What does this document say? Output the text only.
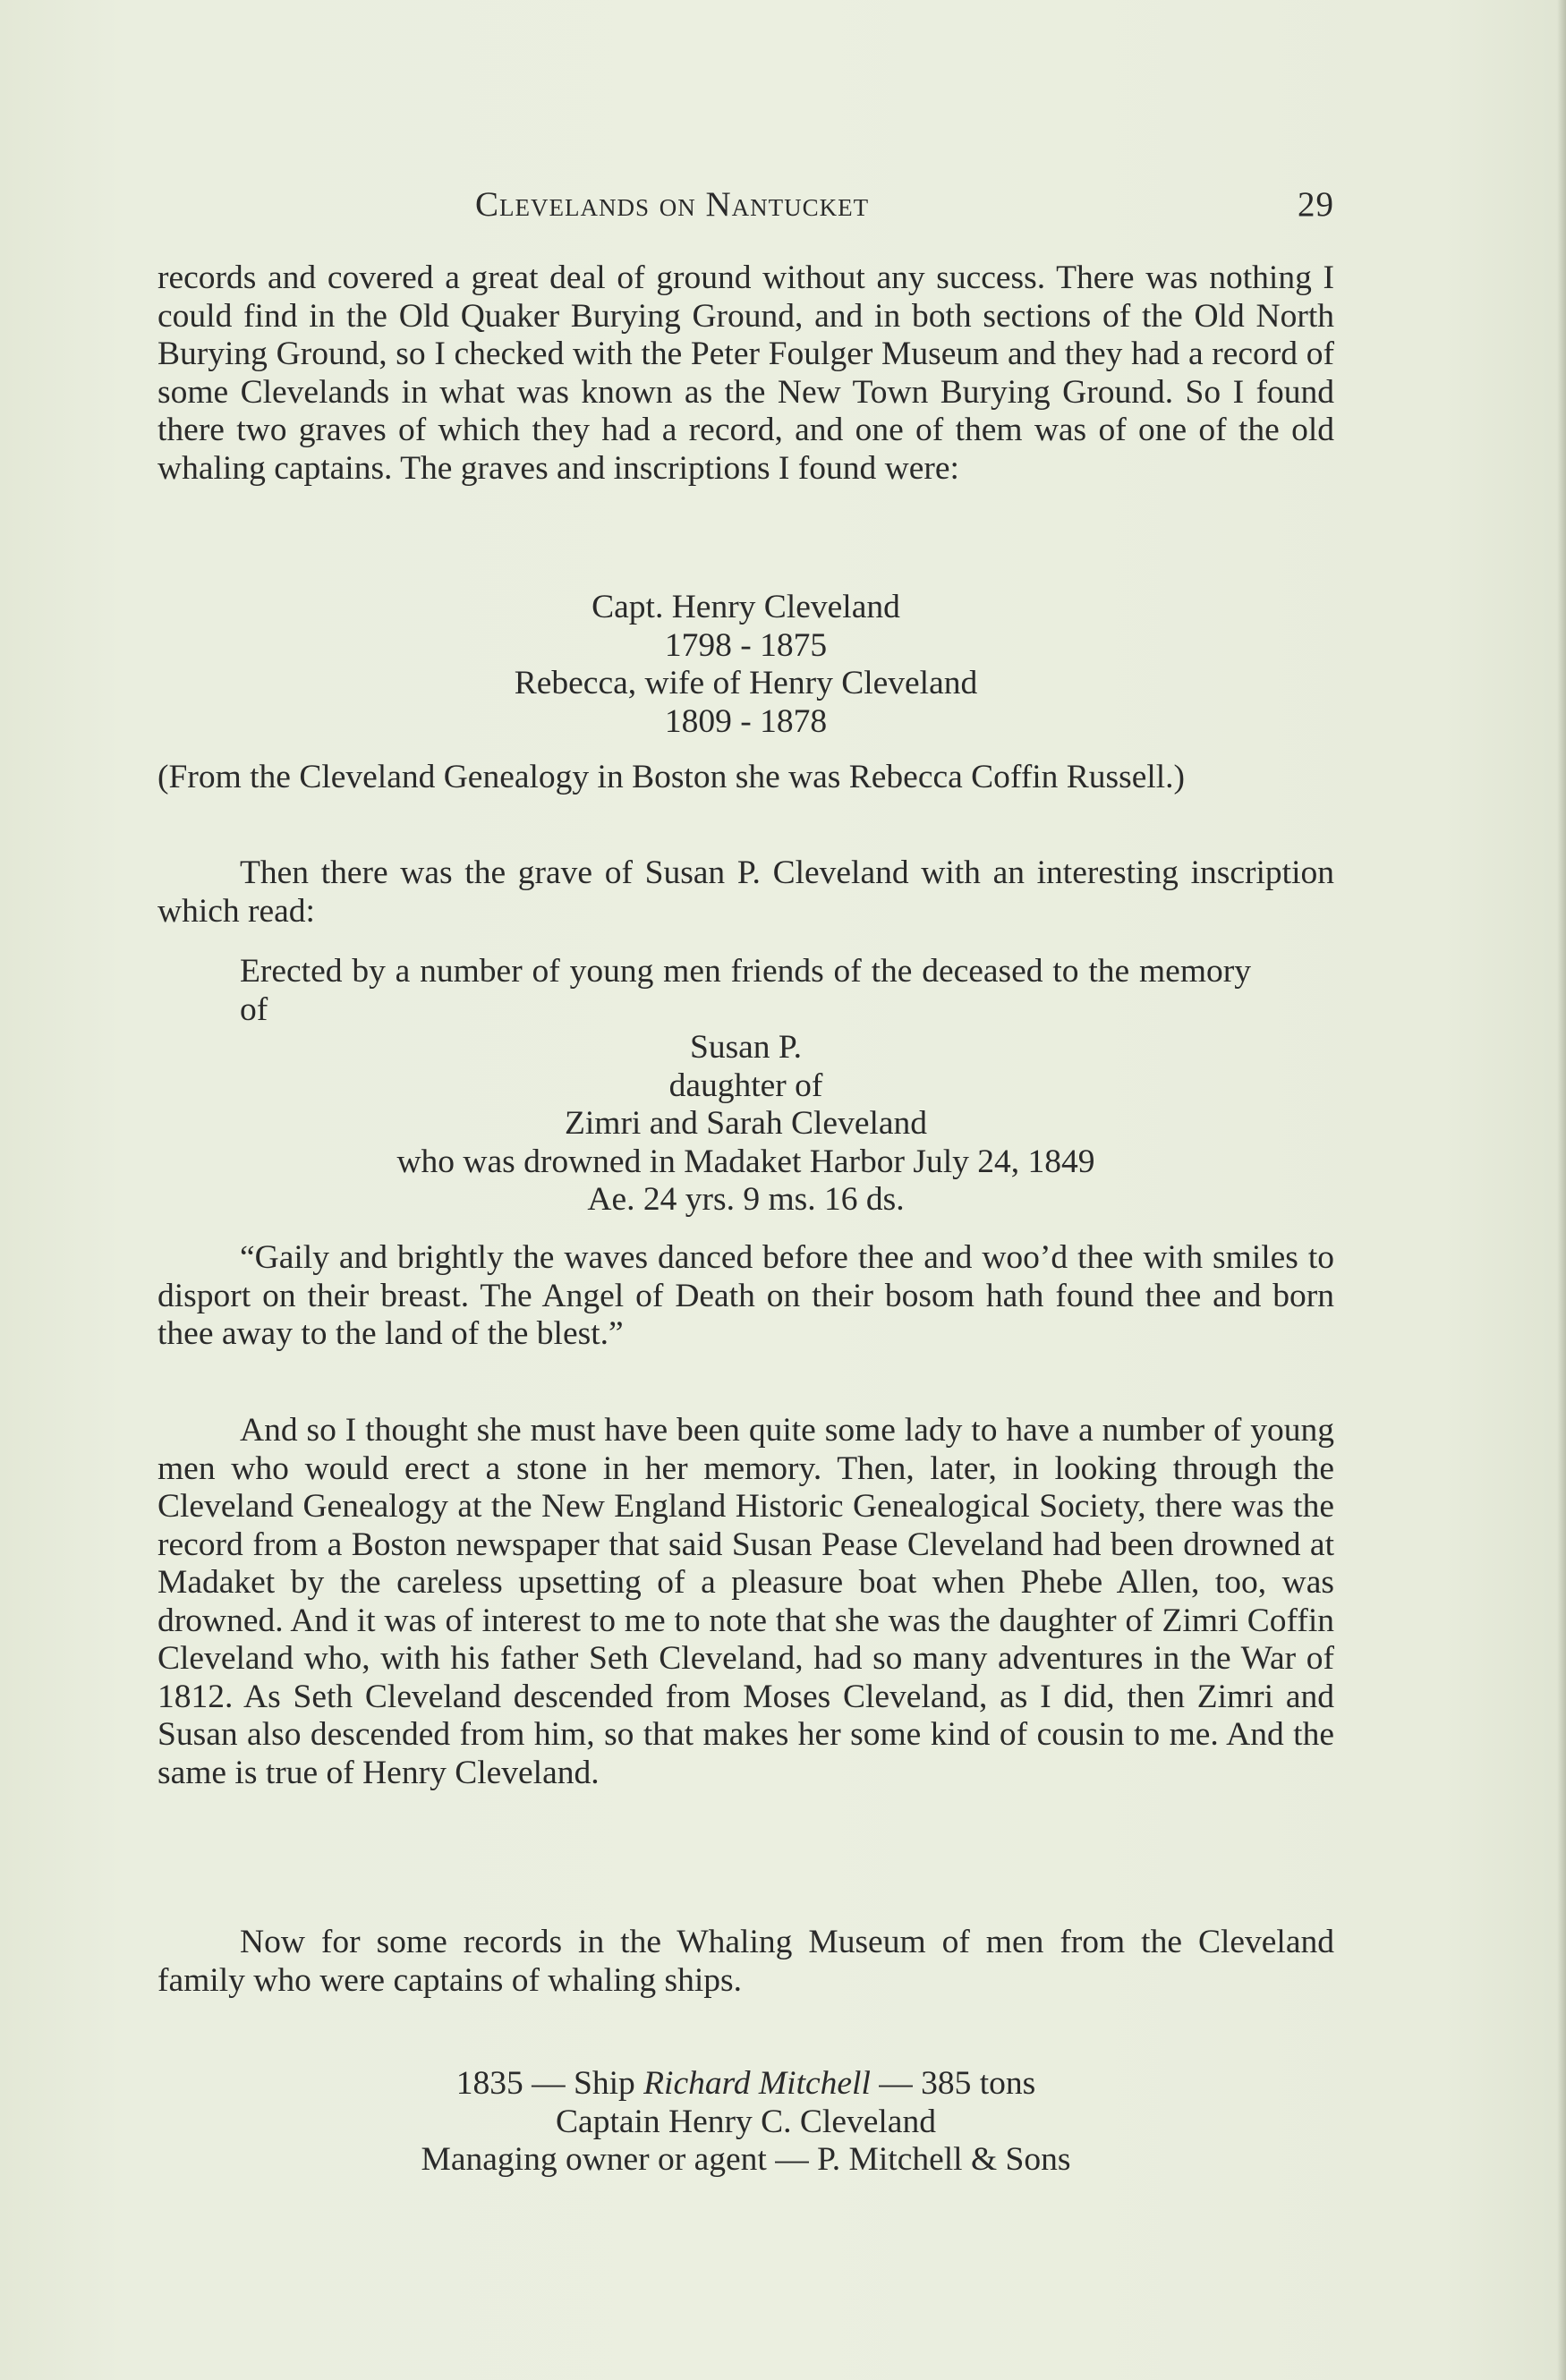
Clevelands on Nantucket	29

records and covered a great deal of ground without any success. There was nothing I could find in the Old Quaker Burying Ground, and in both sections of the Old North Burying Ground, so I checked with the Peter Foulger Museum and they had a record of some Clevelands in what was known as the New Town Burying Ground. So I found there two graves of which they had a record, and one of them was of one of the old whaling captains. The graves and inscriptions I found were:

Capt. Henry Cleveland
1798 - 1875
Rebecca, wife of Henry Cleveland
1809 - 1878

(From the Cleveland Genealogy in Boston she was Rebecca Coffin Russell.)

Then there was the grave of Susan P. Cleveland with an interesting inscription which read:

Erected by a number of young men friends of the deceased to the memory of

Susan P.
daughter of
Zimri and Sarah Cleveland
who was drowned in Madaket Harbor July 24, 1849
Ae. 24 yrs. 9 ms. 16 ds.

“Gaily and brightly the waves danced before thee and woo’d thee with smiles to disport on their breast. The Angel of Death on their bosom hath found thee and born thee away to the land of the blest.”

And so I thought she must have been quite some lady to have a number of young men who would erect a stone in her memory. Then, later, in looking through the Cleveland Genealogy at the New England Historic Genealogical Society, there was the record from a Boston newspaper that said Susan Pease Cleveland had been drowned at Madaket by the careless upsetting of a pleasure boat when Phebe Allen, too, was drowned. And it was of interest to me to note that she was the daughter of Zimri Coffin Cleveland who, with his father Seth Cleveland, had so many adventures in the War of 1812. As Seth Cleveland descended from Moses Cleveland, as I did, then Zimri and Susan also descended from him, so that makes her some kind of cousin to me. And the same is true of Henry Cleveland.

Now for some records in the Whaling Museum of men from the Cleveland family who were captains of whaling ships.

1835 — Ship Richard Mitchell — 385 tons
Captain Henry C. Cleveland
Managing owner or agent — P. Mitchell & Sons
